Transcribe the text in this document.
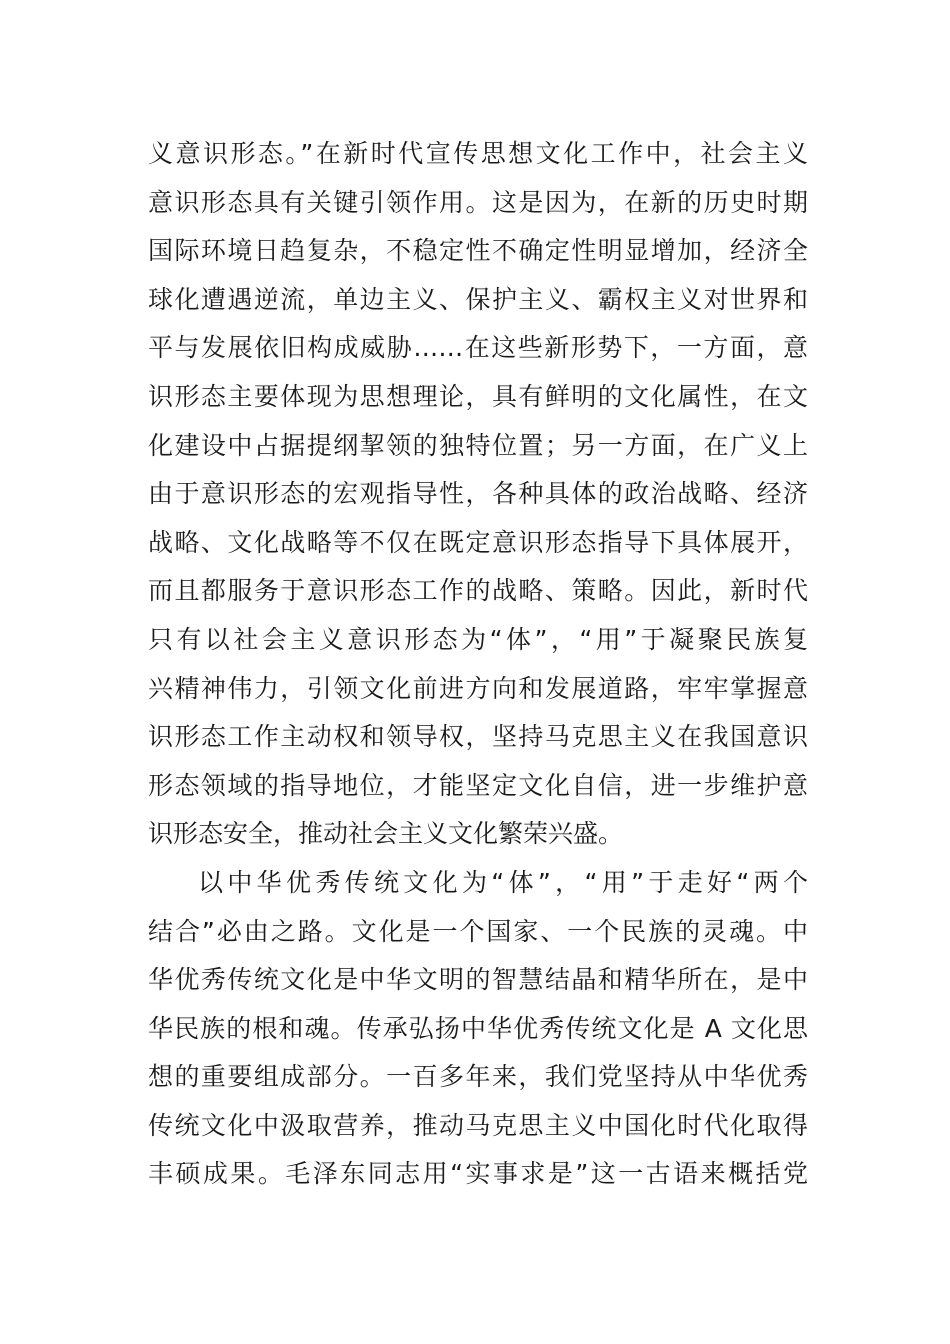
义意识形态。”在新时代宣传思想文化工作中，社会主义
意识形态具有关键引领作用。这是因为，在新的历史时期
国际环境日趋复杂，不稳定性不确定性明显增加，经济全
球化遭遇逆流，单边主义、保护主义、霸权主义对世界和
平与发展依旧构成威胁……在这些新形势下，一方面，意
识形态主要体现为思想理论，具有鲜明的文化属性，在文
化建设中占据提纲挈领的独特位置；另一方面，在广义上
由于意识形态的宏观指导性，各种具体的政治战略、经济
战略、文化战略等不仅在既定意识形态指导下具体展开，
而且都服务于意识形态工作的战略、策略。因此，新时代
只有以社会主义意识形态为“体”，“用”于凝聚民族复
兴精神伟力，引领文化前进方向和发展道路，牢牢掌握意
识形态工作主动权和领导权，坚持马克思主义在我国意识
形态领域的指导地位，才能坚定文化自信，进一步维护意
识形态安全，推动社会主义文化繁荣兴盛。
以中华优秀传统文化为“体”，“用”于走好“两个
结合”必由之路。文化是一个国家、一个民族的灵魂。中
华优秀传统文化是中华文明的智慧结晶和精华所在，是中
华民族的根和魂。传承弘扬中华优秀传统文化是 A 文化思
想的重要组成部分。一百多年来，我们党坚持从中华优秀
传统文化中汲取营养，推动马克思主义中国化时代化取得
丰硕成果。毛泽东同志用“实事求是”这一古语来概括党
